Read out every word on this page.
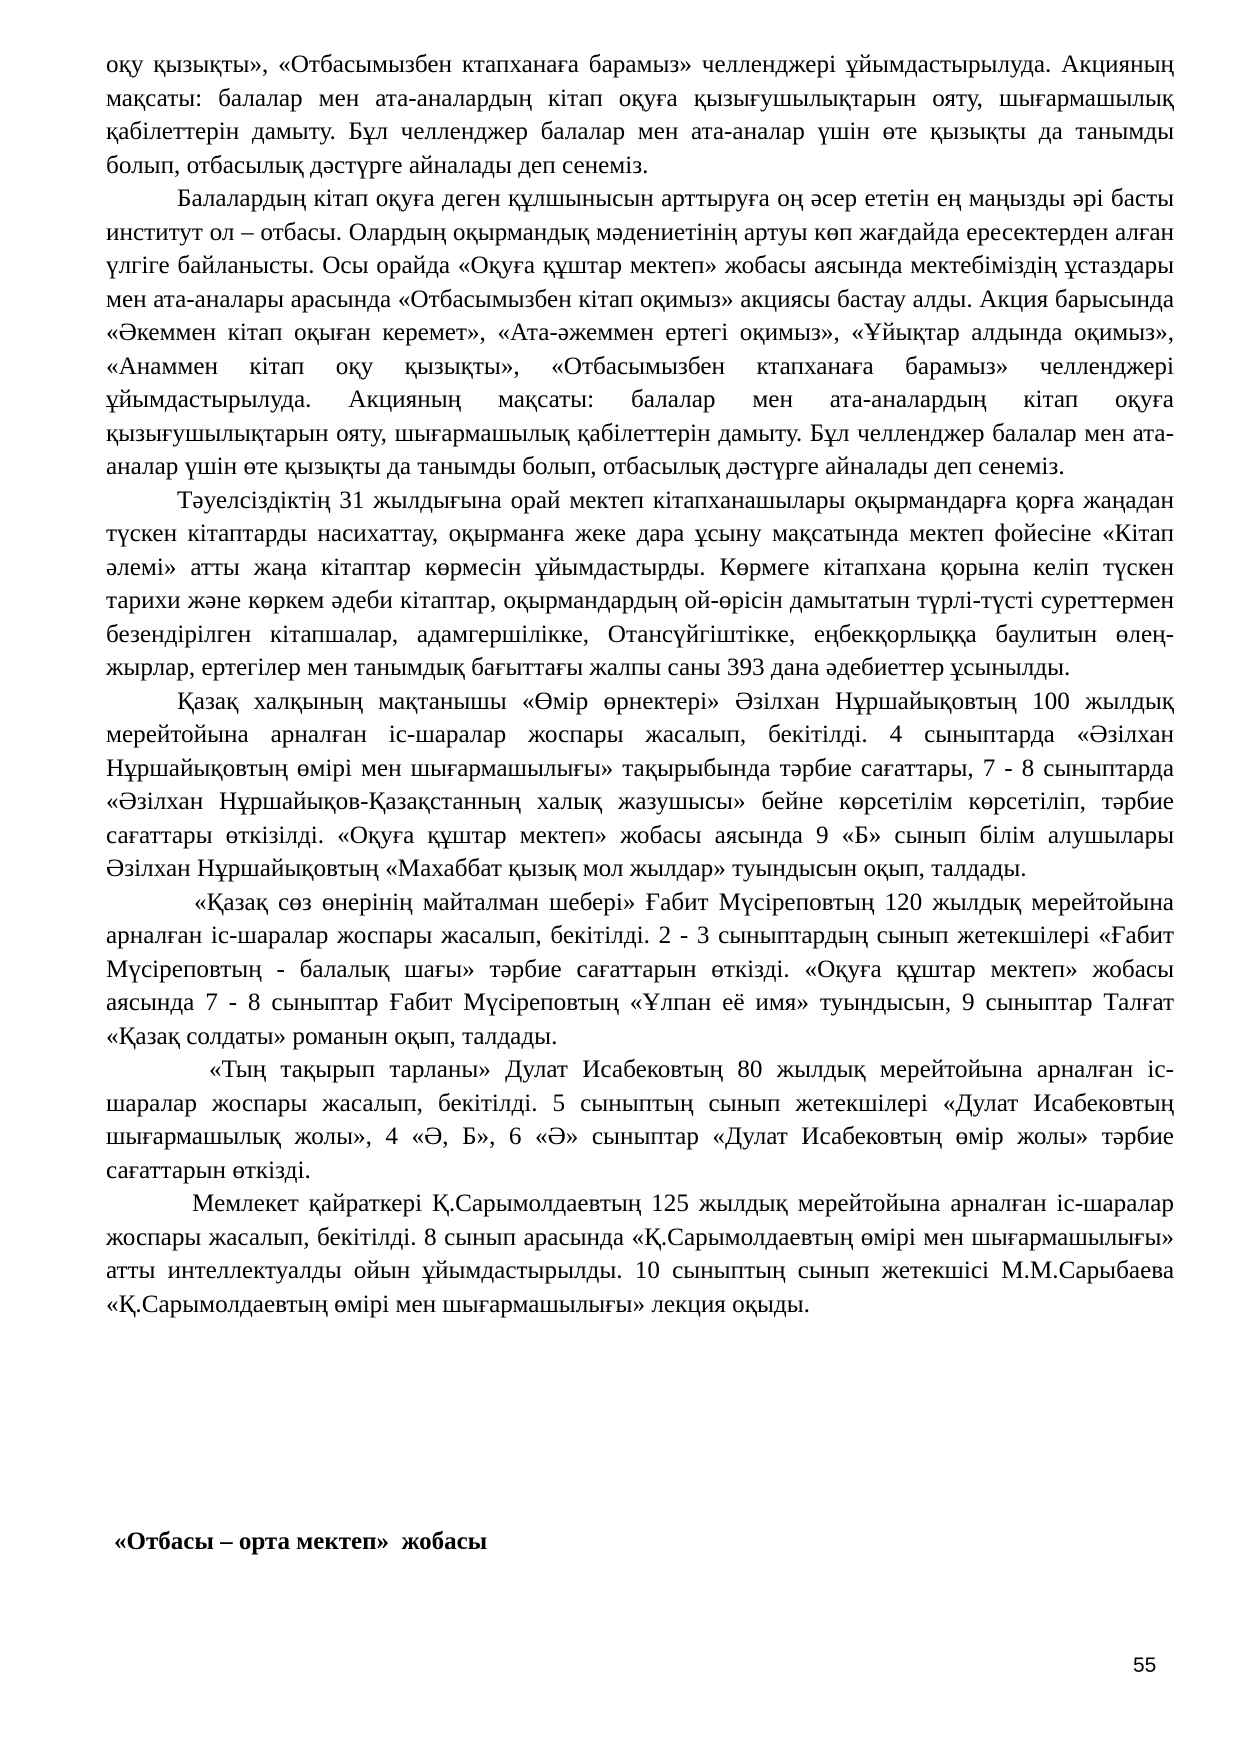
оқу қызықты», «Отбасымызбен ктапханаға барамыз» челленджері ұйымдастырылуда. Акцияның мақсаты: балалар мен ата-аналардың кітап оқуға қызығушылықтарын ояту, шығармашылық қабілеттерін дамыту. Бұл челленджер балалар мен ата-аналар үшін өте қызықты да танымды болып, отбасылық дәстүрге айналады деп сенеміз.

Балалардың кітап оқуға деген құлшынысын арттыруға оң әсер ететін ең маңызды әрі басты институт ол – отбасы. Олардың оқырмандық мәдениетінің артуы көп жағдайда ересектерден алған үлгіге байланысты. Осы орайда «Оқуға құштар мектеп» жобасы аясында мектебіміздің ұстаздары мен ата-аналары арасында «Отбасымызбен кітап оқимыз» акциясы бастау алды. Акция барысында «Әкеммен кітап оқыған керемет», «Ата-әжеммен ертегі оқимыз», «Ұйықтар алдында оқимыз», «Анаммен кітап оқу қызықты», «Отбасымызбен ктапханаға барамыз» челленджері ұйымдастырылуда. Акцияның мақсаты: балалар мен ата-аналардың кітап оқуға қызығушылықтарын ояту, шығармашылық қабілеттерін дамыту. Бұл челленджер балалар мен ата-аналар үшін өте қызықты да танымды болып, отбасылық дәстүрге айналады деп сенеміз.

Тәуелсіздіктің 31 жылдығына орай мектеп кітапханашылары оқырмандарға қорға жаңадан түскен кітаптарды насихаттау, оқырманға жеке дара ұсыну мақсатында мектеп фойесіне «Кітап әлемі» атты жаңа кітаптар көрмесін ұйымдастырды. Көрмеге кітапхана қорына келіп түскен тарихи және көркем әдеби кітаптар, оқырмандардың ой-өрісін дамытатын түрлі-түсті суреттермен безендірілген кітапшалар, адамгершілікке, Отансүйгіштікке, еңбекқорлыққа баулитын өлең- жырлар, ертегілер мен танымдық бағыттағы жалпы саны 393 дана әдебиеттер ұсынылды.

Қазақ халқының мақтанышы «Өмір өрнектері» Әзілхан Нұршайықовтың 100 жылдық мерейтойына арналған іс-шаралар жоспары жасалып, бекітілді. 4 сыныптарда «Әзілхан Нұршайықовтың өмірі мен шығармашылығы» тақырыбында тәрбие сағаттары, 7 - 8 сыныптарда «Әзілхан Нұршайықов-Қазақстанның халық жазушысы» бейне көрсетілім көрсетіліп, тәрбие сағаттары өткізілді. «Оқуға құштар мектеп» жобасы аясында 9 «Б» сынып білім алушылары Әзілхан Нұршайықовтың «Махаббат қызық мол жылдар» туындысын оқып, талдады.

«Қазақ сөз өнерінің майталман шебері» Ғабит Мүсіреповтың 120 жылдық мерейтойына арналған іс-шаралар жоспары жасалып, бекітілді. 2 - 3 сыныптардың сынып жетекшілері «Ғабит Мүсіреповтың - балалық шағы» тәрбие сағаттарын өткізді. «Оқуға құштар мектеп» жобасы аясында 7 - 8 сыныптар Ғабит Мүсіреповтың «Ұлпан её имя» туындысын, 9 сыныптар Талғат «Қазақ солдаты» романын оқып, талдады.

«Тың тақырып тарланы» Дулат Исабековтың 80 жылдық мерейтойына арналған іс-шаралар жоспары жасалып, бекітілді. 5 сыныптың сынып жетекшілері «Дулат Исабековтың шығармашылық жолы», 4 «Ә, Б», 6 «Ә» сыныптар «Дулат Исабековтың өмір жолы» тәрбие сағаттарын өткізді.

Мемлекет қайраткері Қ.Сарымолдаевтың 125 жылдық мерейтойына арналған іс-шаралар жоспары жасалып, бекітілді. 8 сынып арасында «Қ.Сарымолдаевтың өмірі мен шығармашылығы» атты интеллектуалды ойын ұйымдастырылды. 10 сыныптың сынып жетекшісі М.М.Сарыбаева «Қ.Сарымолдаевтың өмірі мен шығармашылығы» лекция оқыды.

«Отбасы – орта мектеп»  жобасы

55
